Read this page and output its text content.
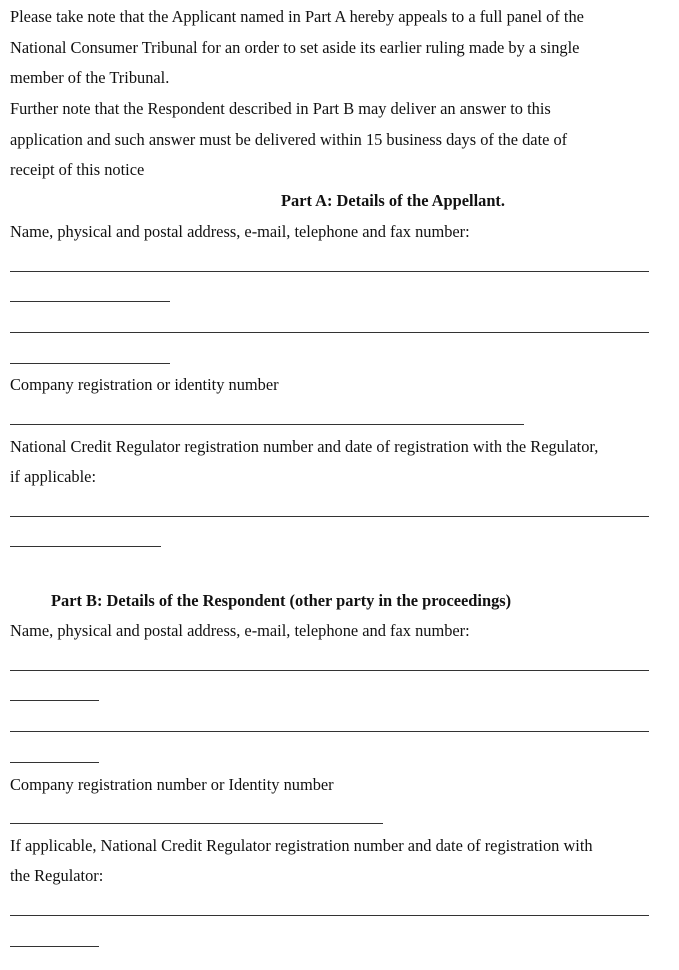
Please take note that the Applicant named in Part A hereby appeals to a full panel of the
National Consumer Tribunal for an order to set aside its earlier ruling made by a single
member of the Tribunal.
Further note that the Respondent described in Part B may deliver an answer to this
application and such answer must be delivered within 15 business days of the date of
receipt of this notice
Part A: Details of the Appellant.
Name, physical and postal address, e-mail, telephone and fax number:
Company registration or identity number
National Credit Regulator registration number and date of registration with the Regulator,
if applicable:
Part B: Details of the Respondent (other party in the proceedings)
Name, physical and postal address, e-mail, telephone and fax number:
Company registration number or Identity number
If applicable, National Credit Regulator registration number and date of registration with
the Regulator:
